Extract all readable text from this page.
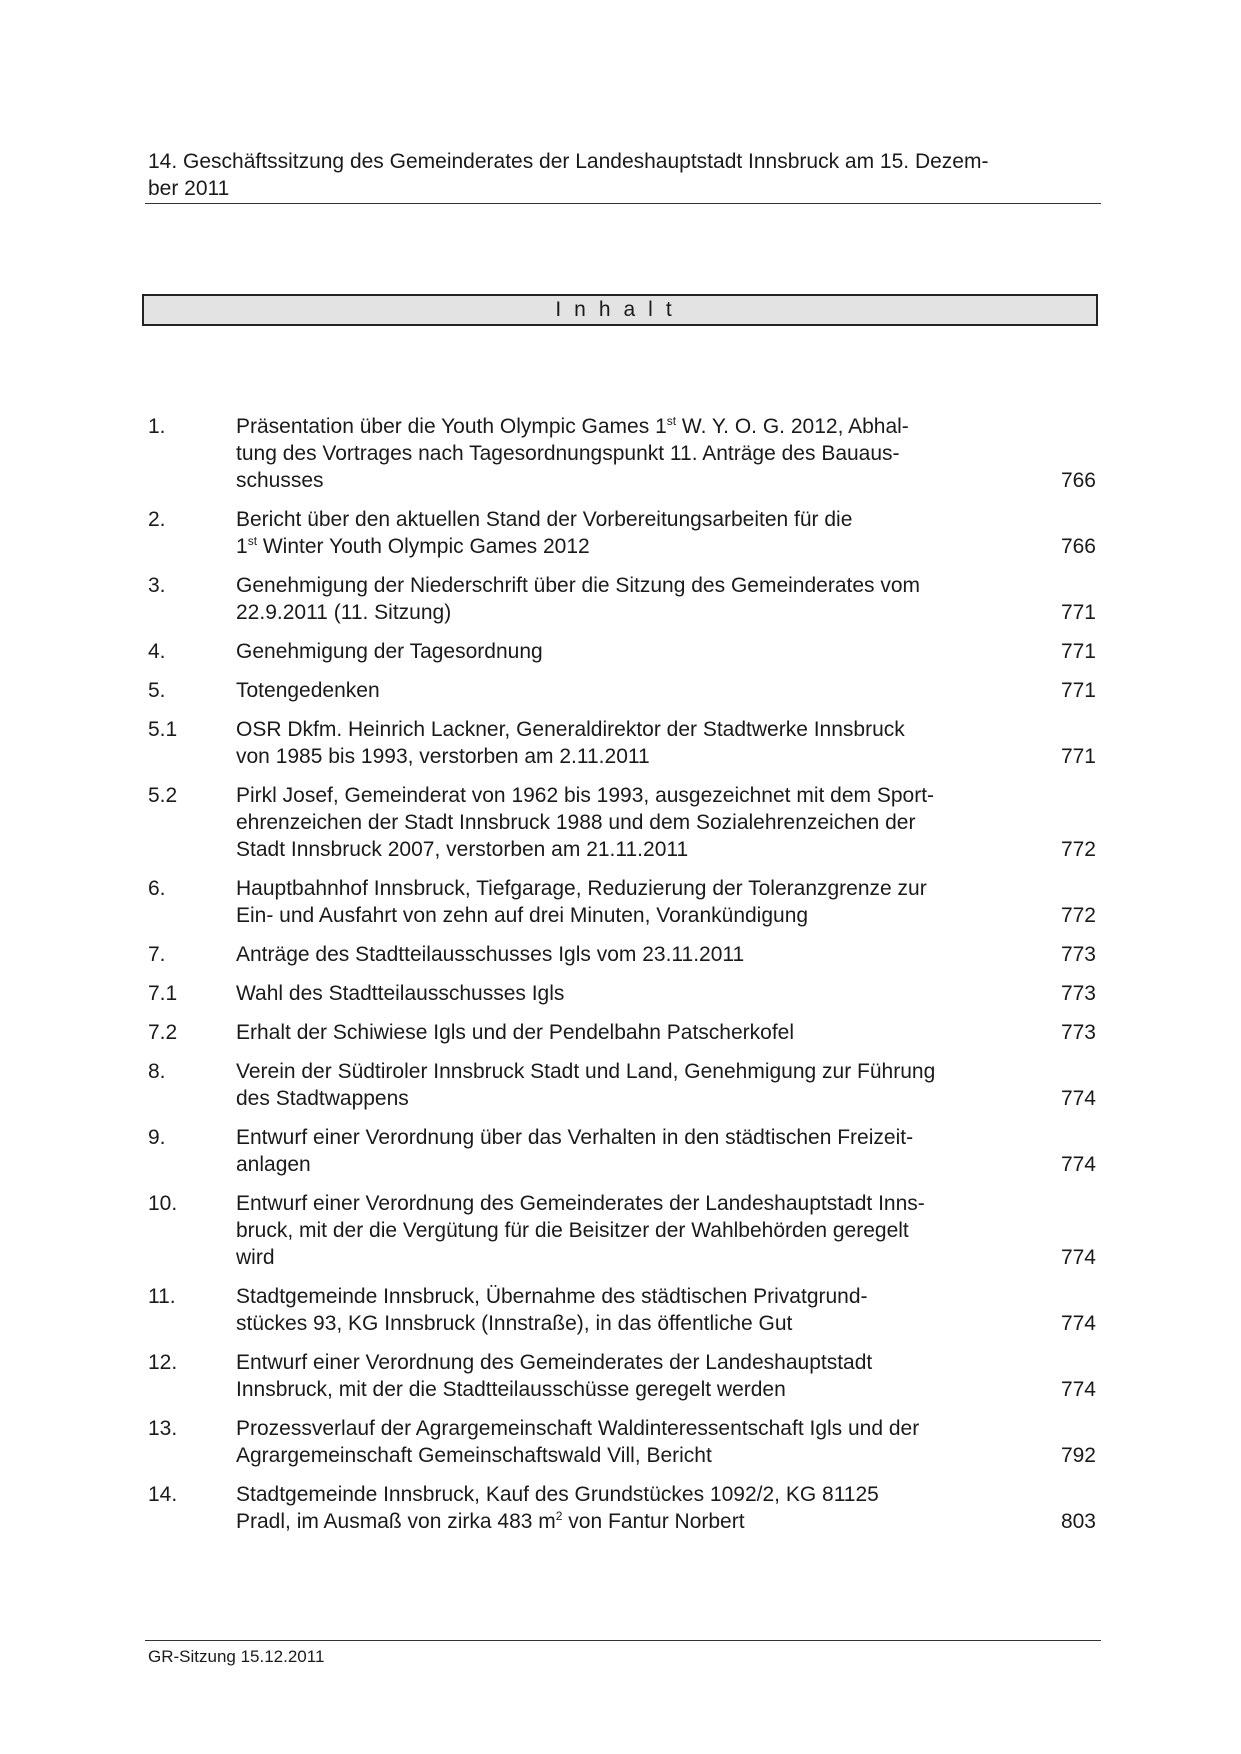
14. Geschäftssitzung des Gemeinderates der Landeshauptstadt Innsbruck am 15. Dezem-
ber 2011
Inhalt
1.	Präsentation über die Youth Olympic Games 1st W. Y. O. G. 2012, Abhal-
tung des Vortrages nach Tagesordnungspunkt 11. Anträge des Bauaus-
schusses	766
2.	Bericht über den aktuellen Stand der Vorbereitungsarbeiten für die
1st Winter Youth Olympic Games 2012	766
3.	Genehmigung der Niederschrift über die Sitzung des Gemeinderates vom
22.9.2011 (11. Sitzung)	771
4.	Genehmigung der Tagesordnung	771
5.	Totengedenken	771
5.1	OSR Dkfm. Heinrich Lackner, Generaldirektor der Stadtwerke Innsbruck
von 1985 bis 1993, verstorben am 2.11.2011	771
5.2	Pirkl Josef, Gemeinderat von 1962 bis 1993, ausgezeichnet mit dem Sport-
ehrenzeichen der Stadt Innsbruck 1988 und dem Sozialehrenzeichen der
Stadt Innsbruck 2007, verstorben am 21.11.2011	772
6.	Hauptbahnhof Innsbruck, Tiefgarage, Reduzierung der Toleranzgrenze zur
Ein- und Ausfahrt von zehn auf drei Minuten, Vorankündigung	772
7.	Anträge des Stadtteilausschusses Igls vom 23.11.2011	773
7.1	Wahl des Stadtteilausschusses Igls	773
7.2	Erhalt der Schiwiese Igls und der Pendelbahn Patscherkofel	773
8.	Verein der Südtiroler Innsbruck Stadt und Land, Genehmigung zur Führung
des Stadtwappens	774
9.	Entwurf einer Verordnung über das Verhalten in den städtischen Freizeit-
anlagen	774
10.	Entwurf einer Verordnung des Gemeinderates der Landeshauptstadt Inns-
bruck, mit der die Vergütung für die Beisitzer der Wahlbehörden geregelt
wird	774
11.	Stadtgemeinde Innsbruck, Übernahme des städtischen Privatgrund-
stückes 93, KG Innsbruck (Innstraße), in das öffentliche Gut	774
12.	Entwurf einer Verordnung des Gemeinderates der Landeshauptstadt
Innsbruck, mit der die Stadtteilausschüsse geregelt werden	774
13.	Prozessverlauf der Agrargemeinschaft Waldinteressentschaft Igls und der
Agrargemeinschaft Gemeinschaftswald Vill, Bericht	792
14.	Stadtgemeinde Innsbruck, Kauf des Grundstückes 1092/2, KG 81125
Pradl, im Ausmaß von zirka 483 $m^2$ von Fantur Norbert	803
GR-Sitzung 15.12.2011
